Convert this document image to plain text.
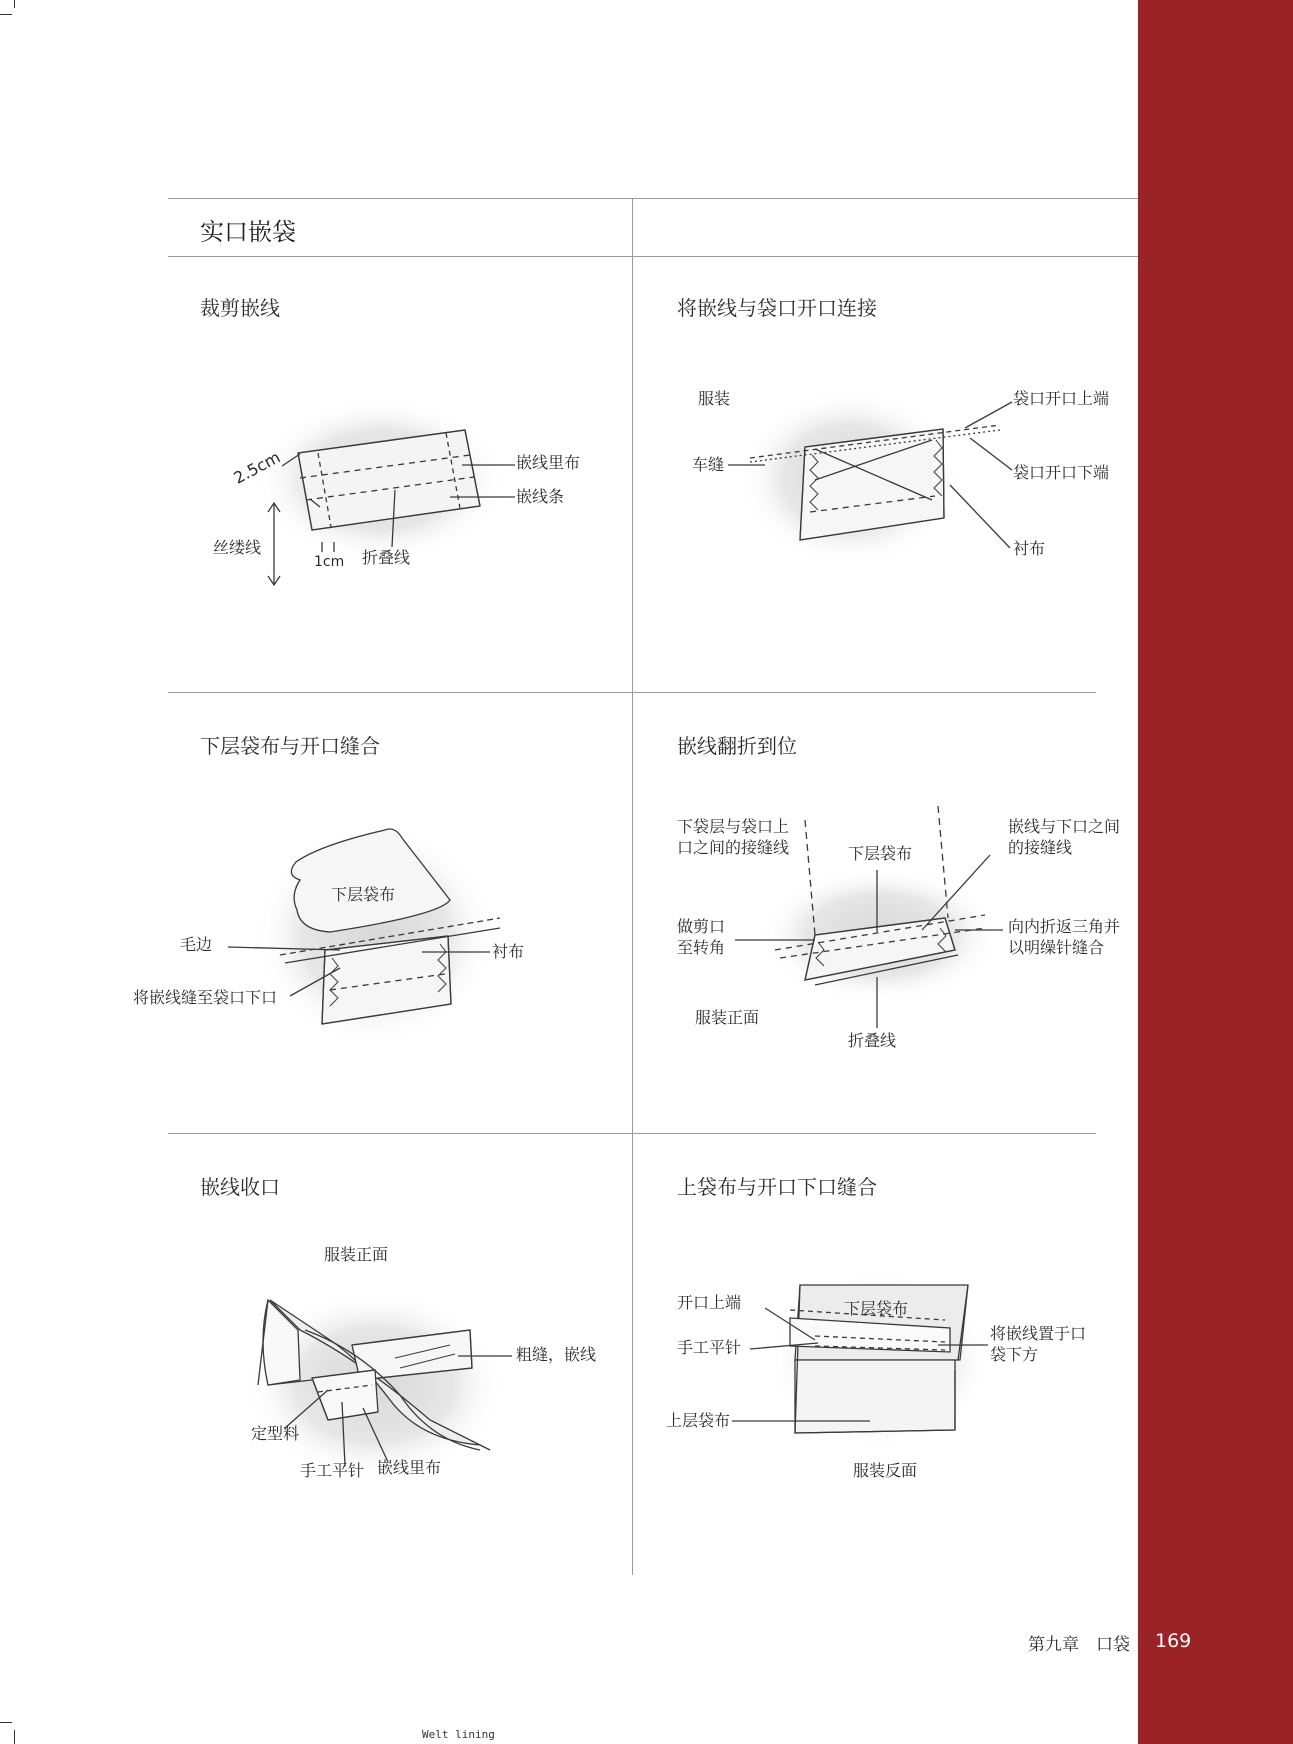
实口嵌袋
裁剪嵌线	将嵌线与袋口开口连接
下层袋布与开口缝合	嵌线翻折到位
嵌线收口	上袋布与开口下口缝合
2.5cm	嵌线里布
嵌线条
丝缕线
1cm 折叠线
服装	袋口开口上端
车缝	袋口开口下端
衬布
下层袋布
毛边	衬布
将嵌线缝至袋口下口
下袋层与袋口上
口之间的接缝线	下层袋布
嵌线与下口之间
的接缝线
做剪口
至转角
向内折返三角并
以明缲针缝合
服装正面
折叠线
服装正面
粗缝，嵌线
定型料
手工平针 嵌线里布
开口上端	下层袋布
手工平针
将嵌线置于口
袋下方
上层袋布
服装反面
第九章　口袋 169
Welt lining
